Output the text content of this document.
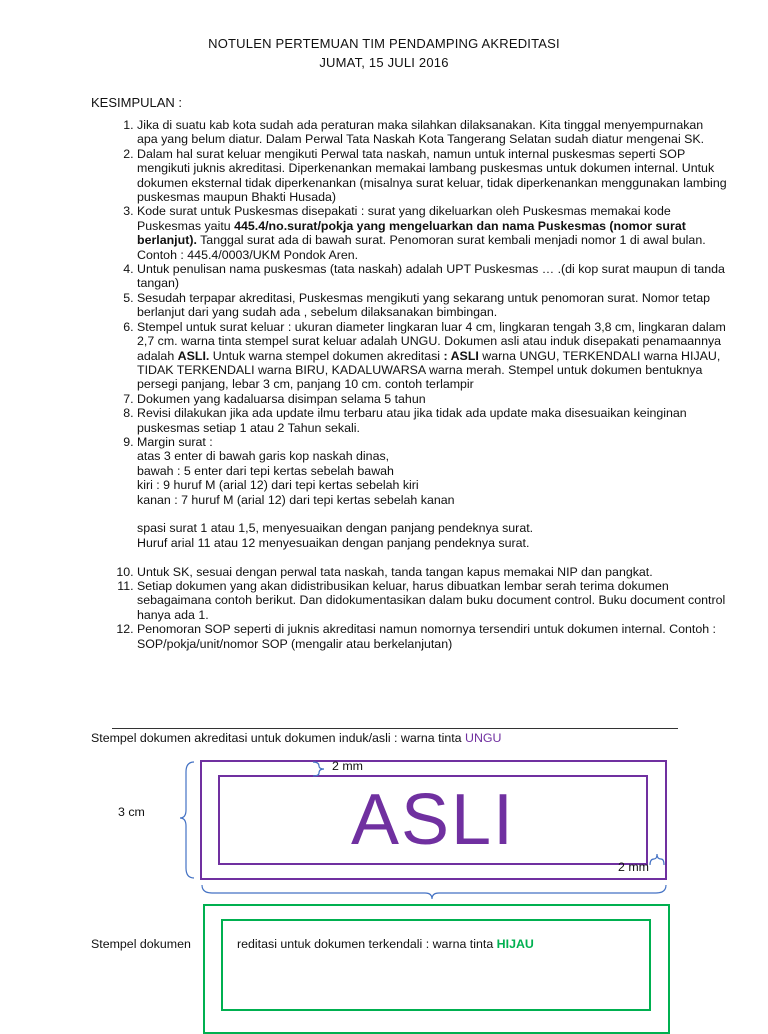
NOTULEN PERTEMUAN TIM PENDAMPING AKREDITASI
JUMAT, 15 JULI 2016
KESIMPULAN :
1. Jika di suatu kab kota sudah ada peraturan maka silahkan dilaksanakan. Kita tinggal menyempurnakan apa yang belum diatur. Dalam Perwal Tata Naskah Kota Tangerang Selatan sudah diatur mengenai SK.
2. Dalam hal surat keluar mengikuti Perwal tata naskah, namun untuk internal puskesmas seperti SOP mengikuti juknis akreditasi. Diperkenankan memakai lambang puskesmas untuk dokumen internal. Untuk dokumen eksternal tidak diperkenankan (misalnya surat keluar, tidak diperkenankan menggunakan lambing puskesmas maupun Bhakti Husada)
3. Kode surat untuk Puskesmas disepakati : surat yang dikeluarkan oleh Puskesmas memakai kode Puskesmas yaitu 445.4/no.surat/pokja yang mengeluarkan dan nama Puskesmas (nomor surat berlanjut). Tanggal surat ada di bawah surat. Penomoran surat kembali menjadi nomor 1 di awal bulan. Contoh : 445.4/0003/UKM Pondok Aren.
4. Untuk penulisan nama puskesmas (tata naskah) adalah UPT Puskesmas … .(di kop surat maupun di tanda tangan)
5. Sesudah terpapar akreditasi, Puskesmas mengikuti yang sekarang untuk penomoran surat. Nomor tetap berlanjut dari yang sudah ada , sebelum dilaksanakan bimbingan.
6. Stempel untuk surat keluar : ukuran diameter lingkaran luar 4 cm, lingkaran tengah 3,8 cm, lingkaran dalam 2,7 cm. warna tinta stempel surat keluar adalah UNGU. Dokumen asli atau induk disepakati penamaannya adalah ASLI. Untuk warna stempel dokumen akreditasi : ASLI warna UNGU, TERKENDALI warna HIJAU, TIDAK TERKENDALI warna BIRU, KADALUWARSA warna merah. Stempel untuk dokumen bentuknya persegi panjang, lebar 3 cm, panjang 10 cm. contoh terlampir
7. Dokumen yang kadaluarsa disimpan selama 5 tahun
8. Revisi dilakukan jika ada update ilmu terbaru atau jika tidak ada update maka disesuaikan keinginan puskesmas setiap 1 atau 2 Tahun sekali.
9. Margin surat :
atas 3 enter di bawah garis kop naskah dinas,
bawah : 5 enter dari tepi kertas sebelah bawah
kiri : 9 huruf M (arial 12) dari tepi kertas sebelah kiri
kanan : 7 huruf M (arial 12) dari tepi kertas sebelah kanan
spasi surat 1 atau 1,5, menyesuaikan dengan panjang pendeknya surat.
Huruf arial 11 atau 12 menyesuaikan dengan panjang pendeknya surat.
10. Untuk SK, sesuai dengan perwal tata naskah, tanda tangan kapus memakai NIP dan pangkat.
11. Setiap dokumen yang akan didistribusikan keluar, harus dibuatkan lembar serah terima dokumen sebagaimana contoh berikut. Dan didokumentasikan dalam buku document control. Buku document control hanya ada 1.
12. Penomoran SOP seperti di juknis akreditasi namun nomornya tersendiri untuk dokumen internal. Contoh : SOP/pokja/unit/nomor SOP (mengalir atau berkelanjutan)
Stempel dokumen akreditasi untuk dokumen induk/asli : warna tinta UNGU
ASLI
2 mm
3 cm
2 mm
Stempel dokumen	reditasi untuk dokumen terkendali : warna tinta HIJAU
